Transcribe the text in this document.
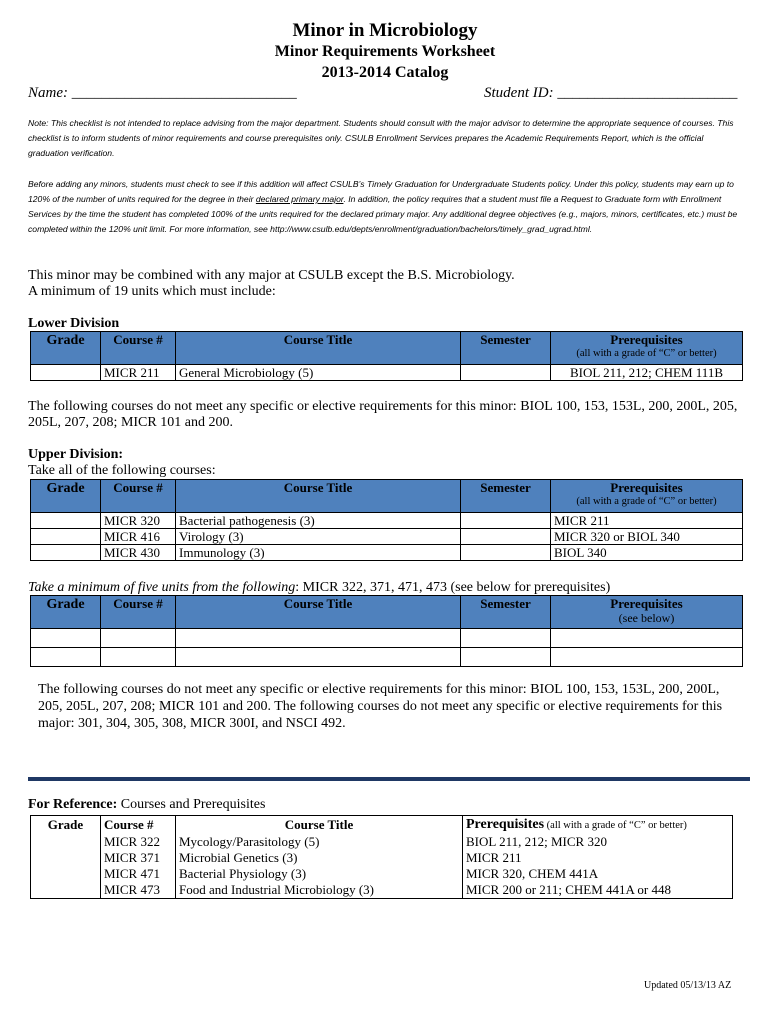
Minor in Microbiology
Minor Requirements Worksheet
2013-2014 Catalog
Name: ______________________________	Student ID: ________________________
Note: This checklist is not intended to replace advising from the major department. Students should consult with the major advisor to determine the appropriate sequence of courses. This checklist is to inform students of minor requirements and course prerequisites only. CSULB Enrollment Services prepares the Academic Requirements Report, which is the official graduation verification.
Before adding any minors, students must check to see if this addition will affect CSULB’s Timely Graduation for Undergraduate Students policy. Under this policy, students may earn up to 120% of the number of units required for the degree in their declared primary major. In addition, the policy requires that a student must file a Request to Graduate form with Enrollment Services by the time the student has completed 100% of the units required for the declared primary major. Any additional degree objectives (e.g., majors, minors, certificates, etc.) must be completed within the 120% unit limit. For more information, see http://www.csulb.edu/depts/enrollment/graduation/bachelors/timely_grad_ugrad.html.
This minor may be combined with any major at CSULB except the B.S. Microbiology.
A minimum of 19 units which must include:
Lower Division
Grade	Course #	Course Title	Semester	Prerequisites
(all with a grade of “C” or better)

	MICR 211	General Microbiology (5)		BIOL 211, 212; CHEM 111B
The following courses do not meet any specific or elective requirements for this minor: BIOL 100, 153, 153L, 200, 200L, 205, 205L, 207, 208; MICR 101 and 200.
Upper Division:
Take all of the following courses:
Grade	Course #	Course Title	Semester	Prerequisites
(all with a grade of “C” or better)

	MICR 320	Bacterial pathogenesis (3)		MICR 211
	MICR 416	Virology (3)		MICR 320 or BIOL 340
	MICR 430	Immunology (3)		BIOL 340
Take a minimum of five units from the following: MICR 322, 371, 471, 473 (see below for prerequisites)
Grade	Course #	Course Title	Semester	Prerequisites
(see below)

The following courses do not meet any specific or elective requirements for this minor: BIOL 100, 153, 153L, 200, 200L, 205, 205L, 207, 208; MICR 101 and 200. The following courses do not meet any specific or elective requirements for this major: 301, 304, 305, 308, MICR 300I, and NSCI 492.
For Reference: Courses and Prerequisites
Grade	Course #	Course Title	Prerequisites (all with a grade of “C” or better)
	MICR 322	Mycology/Parasitology (5)	BIOL 211, 212; MICR 320
	MICR 371	Microbial Genetics (3)	MICR 211
	MICR 471	Bacterial Physiology (3)	MICR 320, CHEM 441A
	MICR 473	Food and Industrial Microbiology (3)	MICR 200 or 211; CHEM 441A or 448
Updated 05/13/13 AZ
